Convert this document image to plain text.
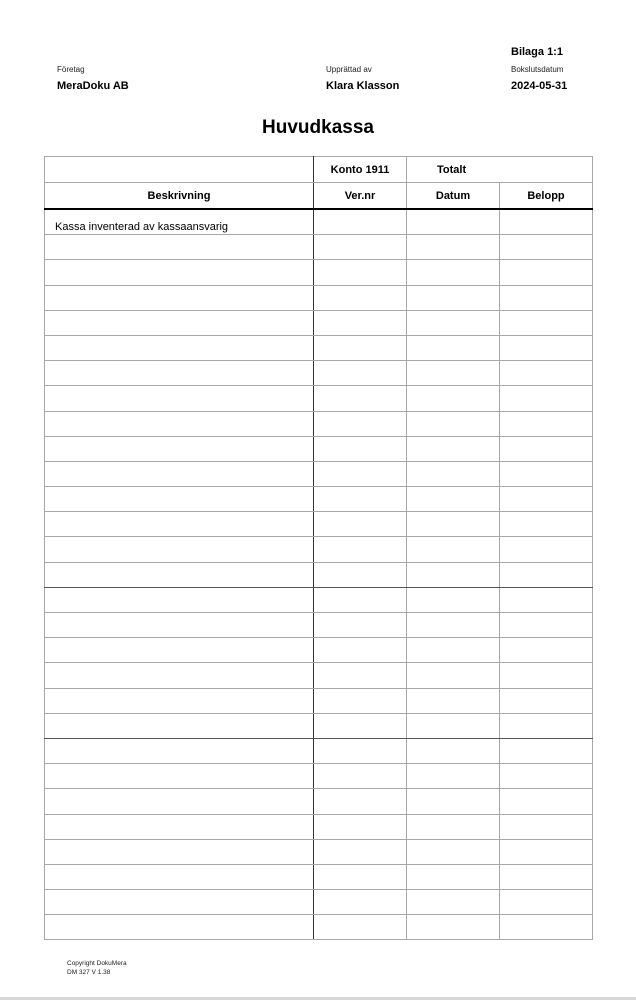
Bilaga 1:1
Företag
MeraDoku AB
Upprättad av
Klara Klasson
Bokslutsdatum
2024-05-31
Huvudkassa
	Konto 1911	Totalt	
Beskrivning	Ver.nr	Datum	Belopp
Kassa inventerad av kassaansvarig			

Copyright DokuMera
DM 327 V 1.38
